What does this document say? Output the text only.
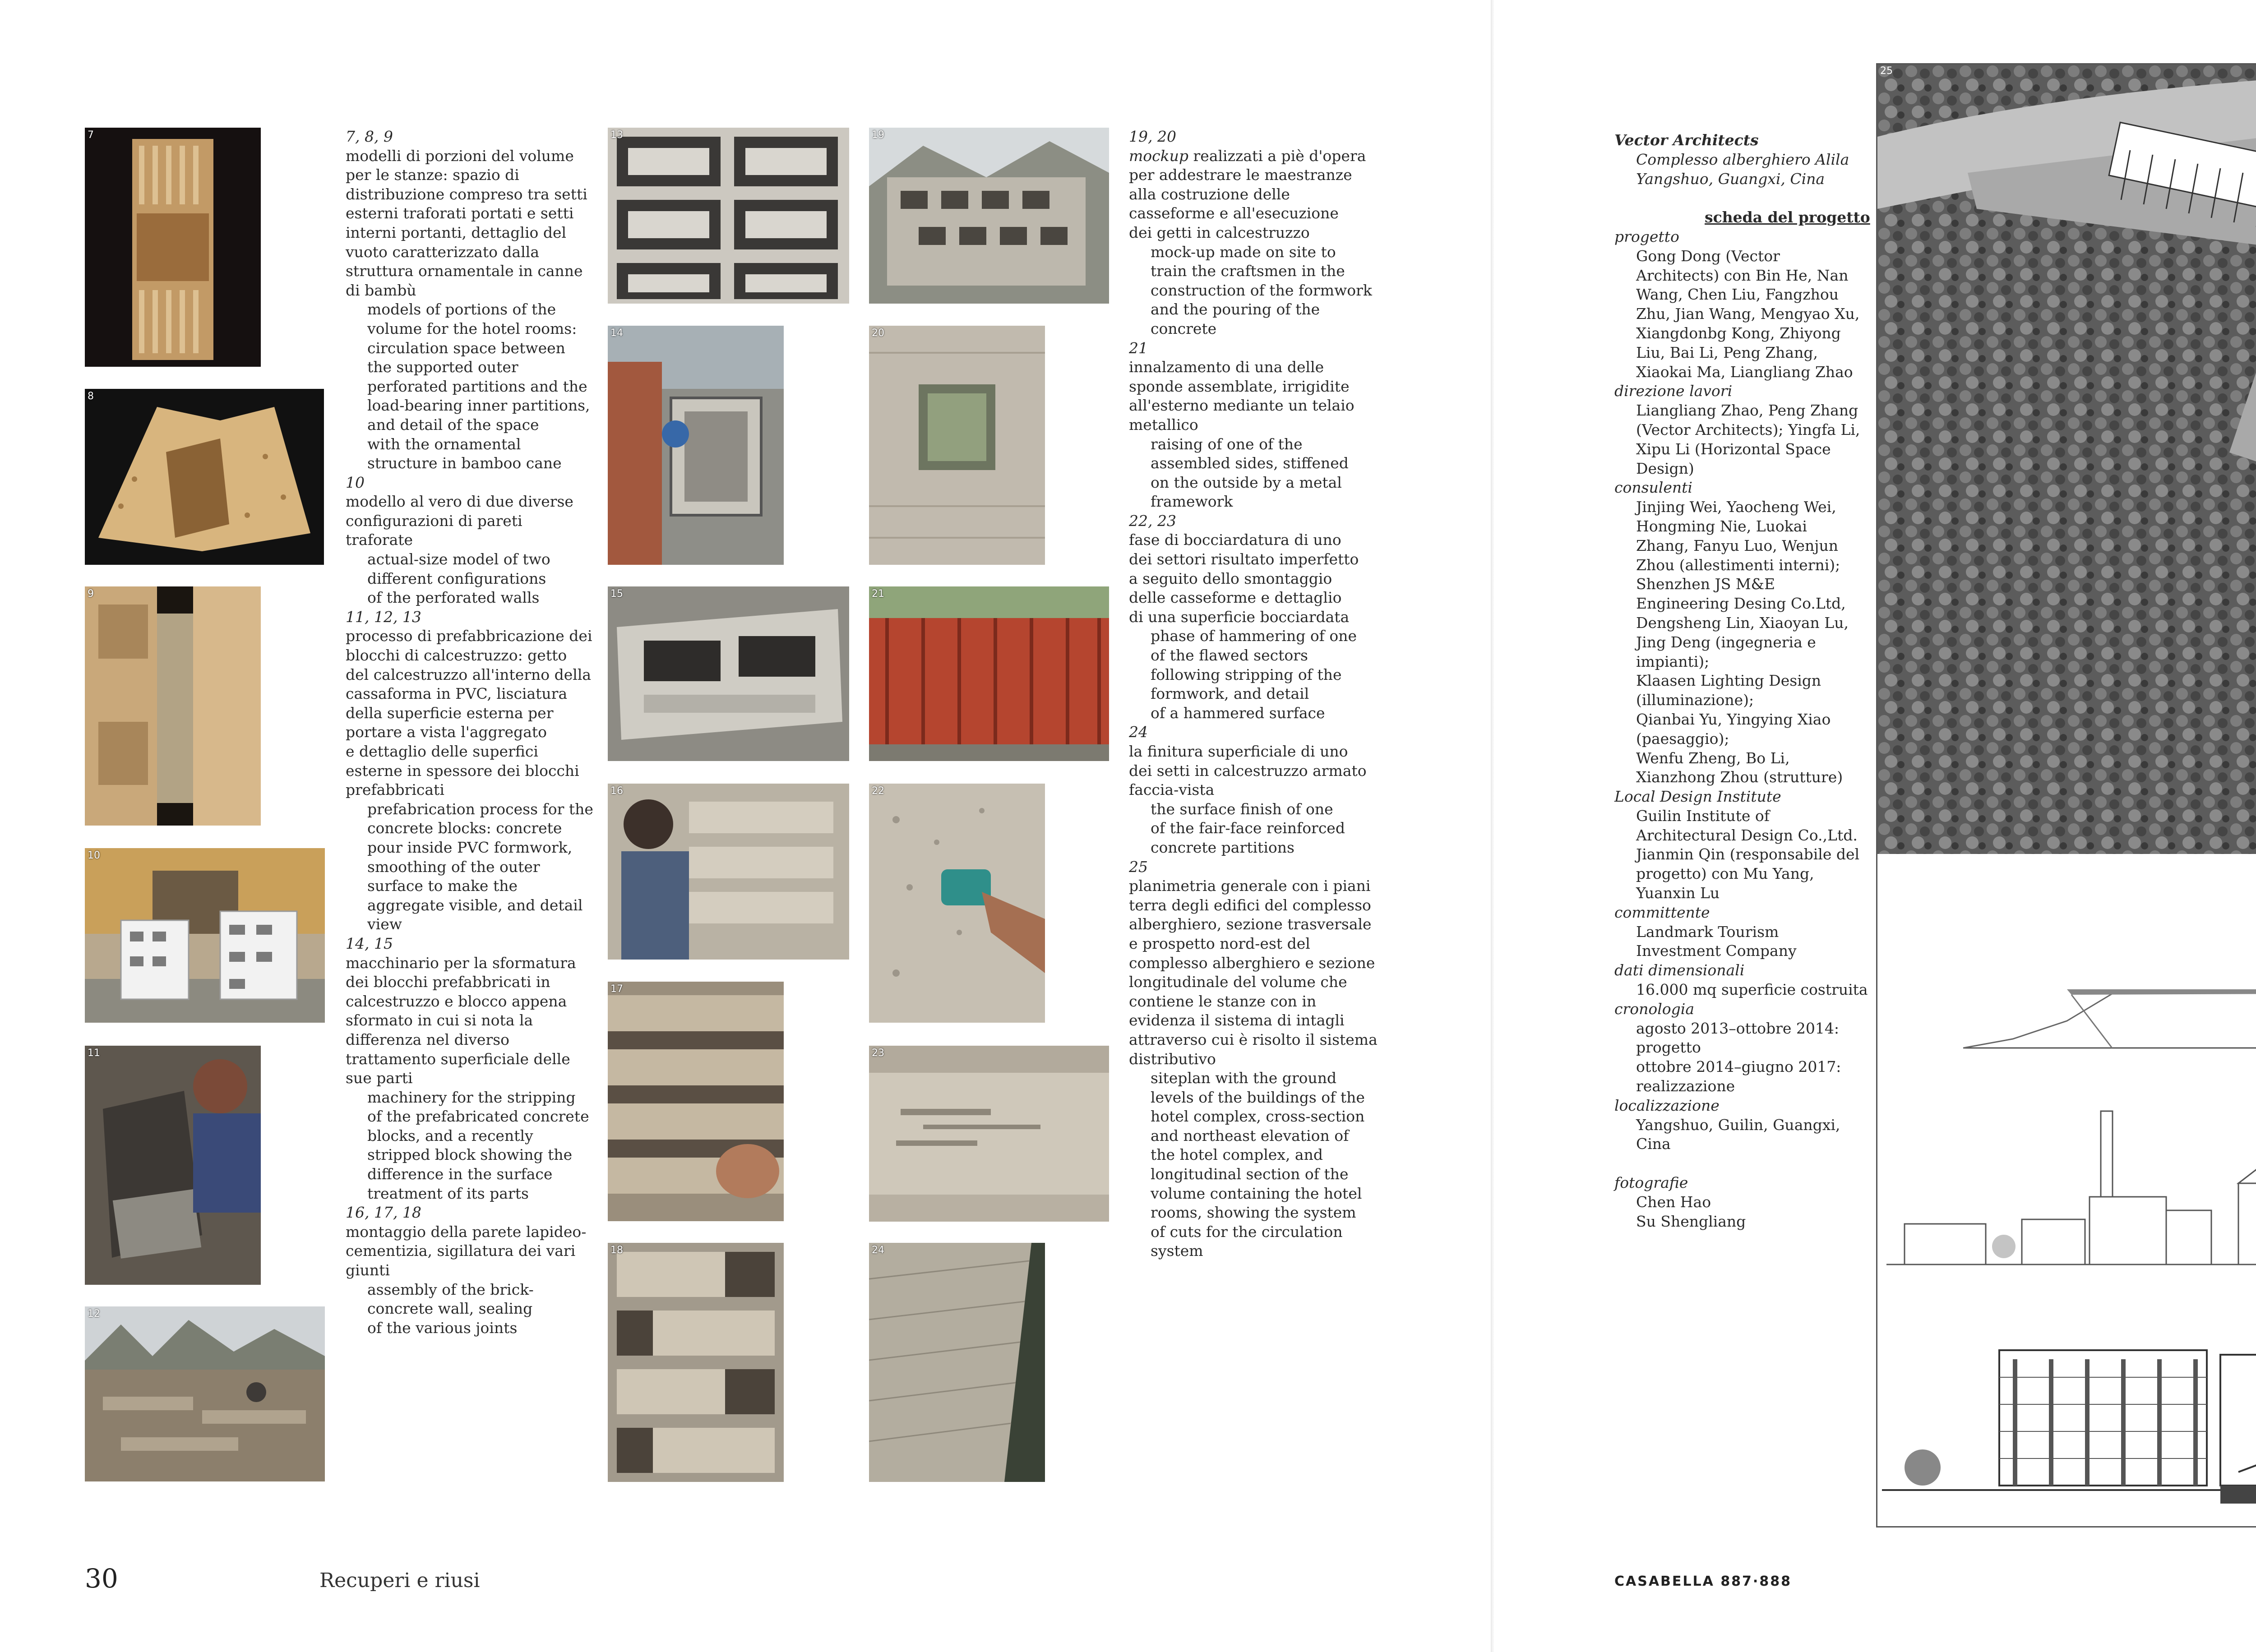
7
8
9
10
11
12
7, 8, 9
modelli di porzioni del volume
per le stanze: spazio di
distribuzione compreso tra setti
esterni traforati portati e setti
interni portanti, dettaglio del
vuoto caratterizzato dalla
struttura ornamentale in canne
di bambù
models of portions of the
volume for the hotel rooms:
circulation space between
the supported outer
perforated partitions and the
load-bearing inner partitions,
and detail of the space
with the ornamental
structure in bamboo cane
10
modello al vero di due diverse
configurazioni di pareti
traforate
actual-size model of two
different configurations
of the perforated walls
11, 12, 13
processo di prefabbricazione dei
blocchi di calcestruzzo: getto
del calcestruzzo all'interno della
cassaforma in PVC, lisciatura
della superficie esterna per
portare a vista l'aggregato
e dettaglio delle superfici
esterne in spessore dei blocchi
prefabbricati
prefabrication process for the
concrete blocks: concrete
pour inside PVC formwork,
smoothing of the outer
surface to make the
aggregate visible, and detail
view
14, 15
macchinario per la sformatura
dei blocchi prefabbricati in
calcestruzzo e blocco appena
sformato in cui si nota la
differenza nel diverso
trattamento superficiale delle
sue parti
machinery for the stripping
of the prefabricated concrete
blocks, and a recently
stripped block showing the
difference in the surface
treatment of its parts
16, 17, 18
montaggio della parete lapideo-
cementizia, sigillatura dei vari
giunti
assembly of the brick-
concrete wall, sealing
of the various joints
13
14
15
16
17
18
19
20
21
22
23
24
19, 20
mockup realizzati a piè d'opera
per addestrare le maestranze
alla costruzione delle
casseforme e all'esecuzione
dei getti in calcestruzzo
mock-up made on site to
train the craftsmen in the
construction of the formwork
and the pouring of the
concrete
21
innalzamento di una delle
sponde assemblate, irrigidite
all'esterno mediante un telaio
metallico
raising of one of the
assembled sides, stiffened
on the outside by a metal
framework
22, 23
fase di bocciardatura di uno
dei settori risultato imperfetto
a seguito dello smontaggio
delle casseforme e dettaglio
di una superficie bocciardata
phase of hammering of one
of the flawed sectors
following stripping of the
formwork, and detail
of a hammered surface
24
la finitura superficiale di uno
dei setti in calcestruzzo armato
faccia-vista
the surface finish of one
of the fair-face reinforced
concrete partitions
25
planimetria generale con i piani
terra degli edifici del complesso
alberghiero, sezione trasversale
e prospetto nord-est del
complesso alberghiero e sezione
longitudinale del volume che
contiene le stanze con in
evidenza il sistema di intagli
attraverso cui è risolto il sistema
distributivo
siteplan with the ground
levels of the buildings of the
hotel complex, cross-section
and northeast elevation of
the hotel complex, and
longitudinal section of the
volume containing the hotel
rooms, showing the system
of cuts for the circulation
system
30	Recuperi e riusi
Vector Architects
Complesso alberghiero Alila
Yangshuo, Guangxi, Cina
scheda del progetto
progetto
Gong Dong (Vector
Architects) con Bin He, Nan
Wang, Chen Liu, Fangzhou
Zhu, Jian Wang, Mengyao Xu,
Xiangdonbg Kong, Zhiyong
Liu, Bai Li, Peng Zhang,
Xiaokai Ma, Liangliang Zhao
direzione lavori
Liangliang Zhao, Peng Zhang
(Vector Architects); Yingfa Li,
Xipu Li (Horizontal Space
Design)
consulenti
Jinjing Wei, Yaocheng Wei,
Hongming Nie, Luokai
Zhang, Fanyu Luo, Wenjun
Zhou (allestimenti interni);
Shenzhen JS M&E
Engineering Desing Co.Ltd,
Dengsheng Lin, Xiaoyan Lu,
Jing Deng (ingegneria e
impianti);
Klaasen Lighting Design
(illuminazione);
Qianbai Yu, Yingying Xiao
(paesaggio);
Wenfu Zheng, Bo Li,
Xianzhong Zhou (strutture)
Local Design Institute
Guilin Institute of
Architectural Design Co.,Ltd.
Jianmin Qin (responsabile del
progetto) con Mu Yang,
Yuanxin Lu
committente
Landmark Tourism
Investment Company
dati dimensionali
16.000 mq superficie costruita
cronologia
agosto 2013–ottobre 2014:
progetto
ottobre 2014–giugno 2017:
realizzazione
localizzazione
Yangshuo, Guilin, Guangxi,
Cina
fotografie
Chen Hao
Su Shengliang
25
CASABELLA 887·888
